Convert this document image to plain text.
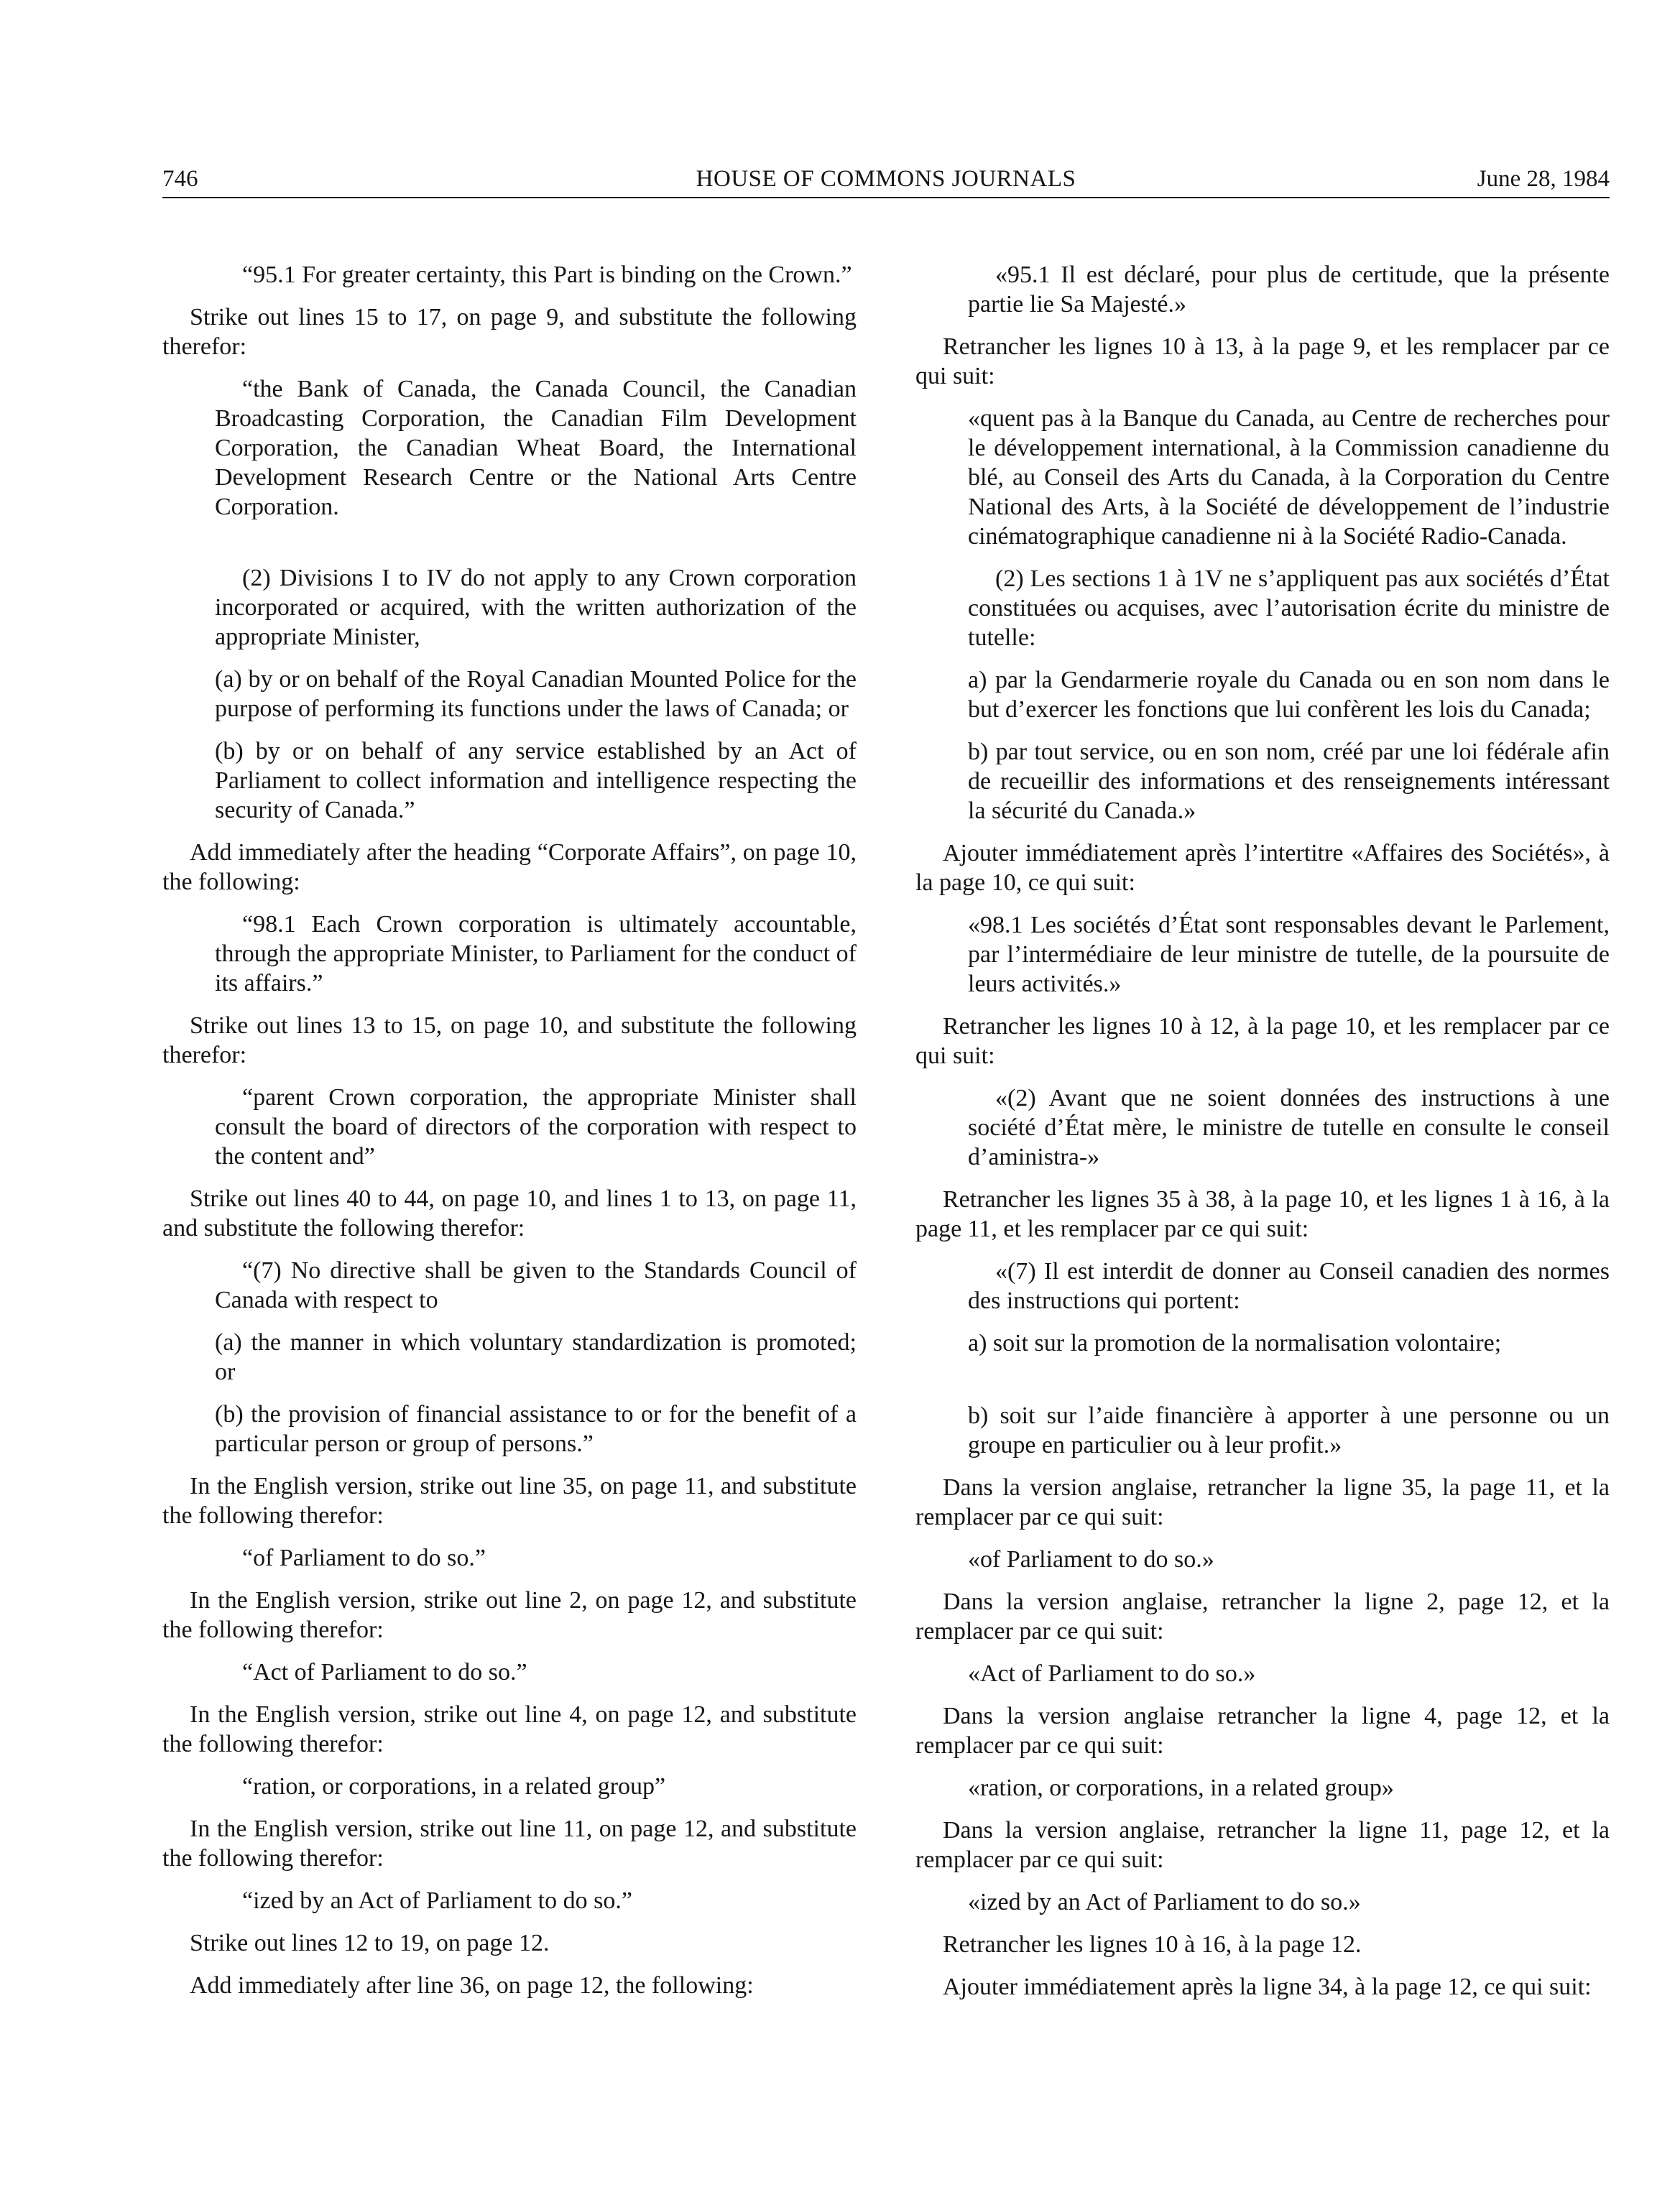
746	HOUSE OF COMMONS JOURNALS	June 28, 1984

“95.1 For greater certainty, this Part is binding on the Crown.”

Strike out lines 15 to 17, on page 9, and substitute the following therefor:

“the Bank of Canada, the Canada Council, the Canadian Broadcasting Corporation, the Canadian Film Development Corporation, the Canadian Wheat Board, the International Development Research Centre or the National Arts Centre Corporation.

(2) Divisions I to IV do not apply to any Crown corporation incorporated or acquired, with the written authorization of the appropriate Minister,

(a) by or on behalf of the Royal Canadian Mounted Police for the purpose of performing its functions under the laws of Canada; or

(b) by or on behalf of any service established by an Act of Parliament to collect information and intelligence respecting the security of Canada.”

Add immediately after the heading “Corporate Affairs”, on page 10, the following:

“98.1 Each Crown corporation is ultimately accountable, through the appropriate Minister, to Parliament for the conduct of its affairs.”

Strike out lines 13 to 15, on page 10, and substitute the following therefor:

“parent Crown corporation, the appropriate Minister shall consult the board of directors of the corporation with respect to the content and”

Strike out lines 40 to 44, on page 10, and lines 1 to 13, on page 11, and substitute the following therefor:

“(7) No directive shall be given to the Standards Council of Canada with respect to

(a) the manner in which voluntary standardization is promoted; or

(b) the provision of financial assistance to or for the benefit of a particular person or group of persons.”

In the English version, strike out line 35, on page 11, and substitute the following therefor:

“of Parliament to do so.”

In the English version, strike out line 2, on page 12, and substitute the following therefor:

“Act of Parliament to do so.”

In the English version, strike out line 4, on page 12, and substitute the following therefor:

“ration, or corporations, in a related group”

In the English version, strike out line 11, on page 12, and substitute the following therefor:

“ized by an Act of Parliament to do so.”

Strike out lines 12 to 19, on page 12.

Add immediately after line 36, on page 12, the following:

«95.1 Il est déclaré, pour plus de certitude, que la présente partie lie Sa Majesté.»

Retrancher les lignes 10 à 13, à la page 9, et les remplacer par ce qui suit:

«quent pas à la Banque du Canada, au Centre de recherches pour le développement international, à la Commission canadienne du blé, au Conseil des Arts du Canada, à la Corporation du Centre National des Arts, à la Société de développement de l’industrie cinématographique canadienne ni à la Société Radio-Canada.

(2) Les sections 1 à 1V ne s’appliquent pas aux sociétés d’État constituées ou acquises, avec l’autorisation écrite du ministre de tutelle:

a) par la Gendarmerie royale du Canada ou en son nom dans le but d’exercer les fonctions que lui confèrent les lois du Canada;

b) par tout service, ou en son nom, créé par une loi fédérale afin de recueillir des informations et des renseignements intéressant la sécurité du Canada.»

Ajouter immédiatement après l’intertitre «Affaires des Sociétés», à la page 10, ce qui suit:

«98.1 Les sociétés d’État sont responsables devant le Parlement, par l’intermédiaire de leur ministre de tutelle, de la poursuite de leurs activités.»

Retrancher les lignes 10 à 12, à la page 10, et les remplacer par ce qui suit:

«(2) Avant que ne soient données des instructions à une société d’État mère, le ministre de tutelle en consulte le conseil d’aministra-»

Retrancher les lignes 35 à 38, à la page 10, et les lignes 1 à 16, à la page 11, et les remplacer par ce qui suit:

«(7) Il est interdit de donner au Conseil canadien des normes des instructions qui portent:

a) soit sur la promotion de la normalisation volontaire;

b) soit sur l’aide financière à apporter à une personne ou un groupe en particulier ou à leur profit.»

Dans la version anglaise, retrancher la ligne 35, la page 11, et la remplacer par ce qui suit:

«of Parliament to do so.»

Dans la version anglaise, retrancher la ligne 2, page 12, et la remplacer par ce qui suit:

«Act of Parliament to do so.»

Dans la version anglaise retrancher la ligne 4, page 12, et la remplacer par ce qui suit:

«ration, or corporations, in a related group»

Dans la version anglaise, retrancher la ligne 11, page 12, et la remplacer par ce qui suit:

«ized by an Act of Parliament to do so.»

Retrancher les lignes 10 à 16, à la page 12.

Ajouter immédiatement après la ligne 34, à la page 12, ce qui suit:
